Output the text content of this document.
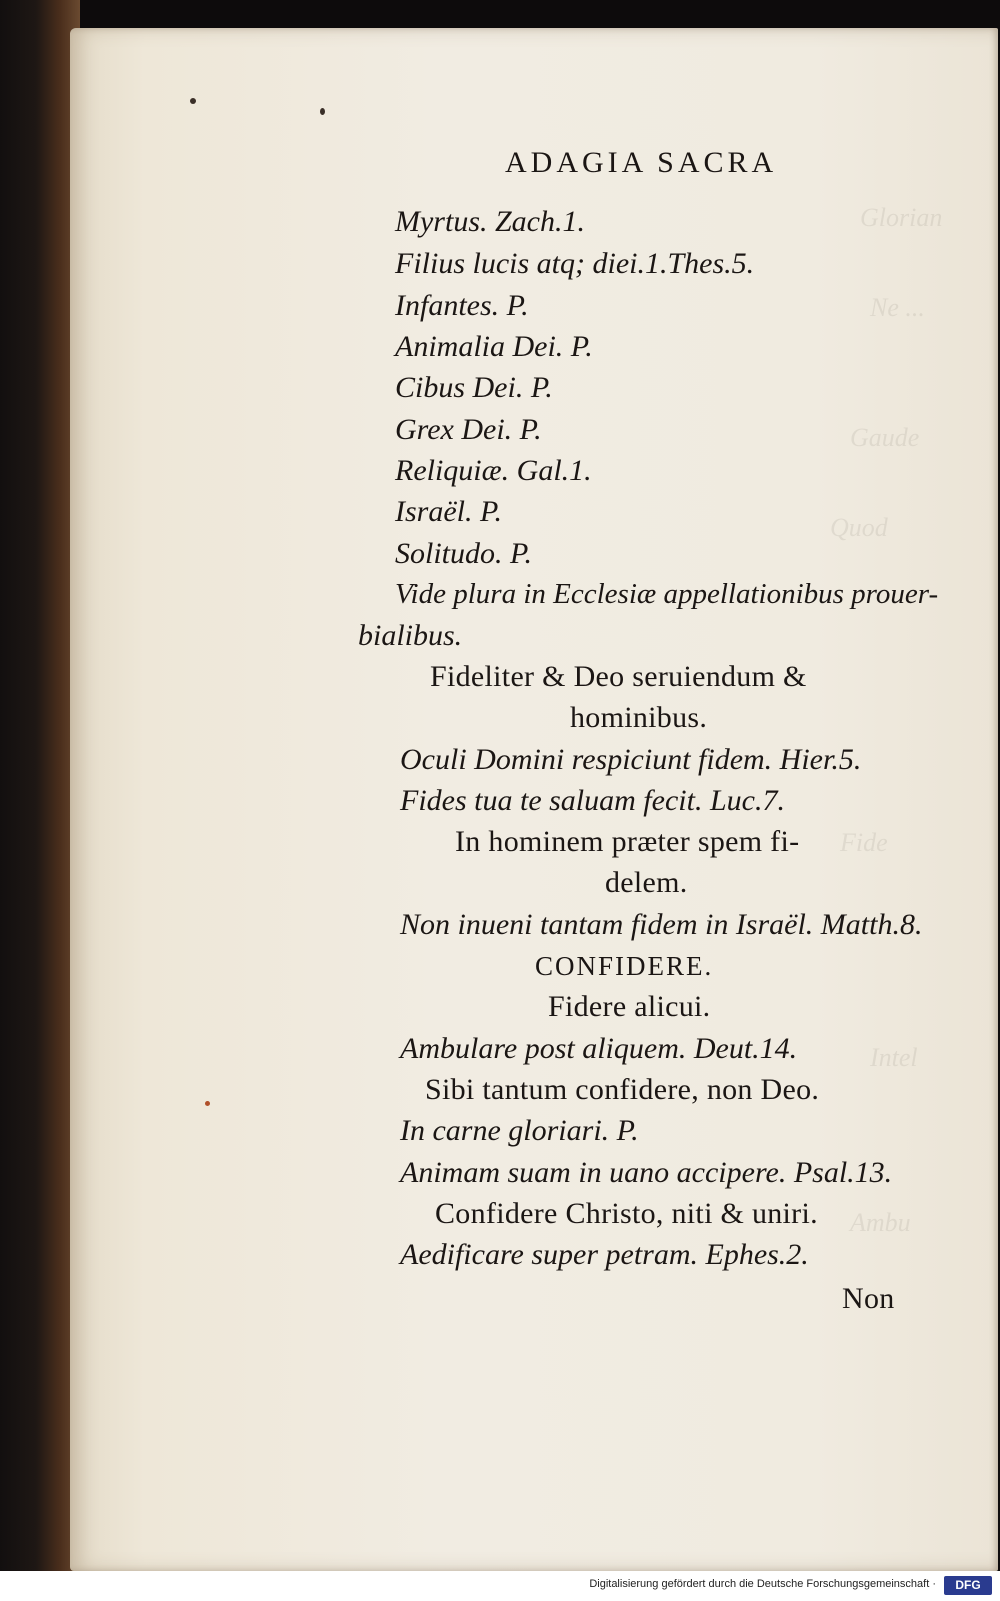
Glorian
Ne ...
Gaude
Quod
Fide
Intel
Ambu
ADAGIA SACRA
Myrtus. Zach.1.
Filius lucis atq; diei.1.Thes.5.
Infantes. P.
Animalia Dei. P.
Cibus Dei. P.
Grex Dei. P.
Reliquiæ. Gal.1.
Israël. P.
Solitudo. P.
Vide plura in Ecclesiæ appellationibus prouer-
bialibus.
Fideliter & Deo seruiendum &
hominibus.
Oculi Domini respiciunt fidem. Hier.5.
Fides tua te saluam fecit. Luc.7.
In hominem præter spem fi-
delem.
Non inueni tantam fidem in Israël. Matth.8.
CONFIDERE.
Fidere alicui.
Ambulare post aliquem. Deut.14.
Sibi tantum confidere, non Deo.
In carne gloriari. P.
Animam suam in uano accipere. Psal.13.
Confidere Christo, niti & uniri.
Aedificare super petram. Ephes.2.
Non
Digitalisierung gefördert durch die Deutsche Forschungsgemeinschaft ·	DFG
